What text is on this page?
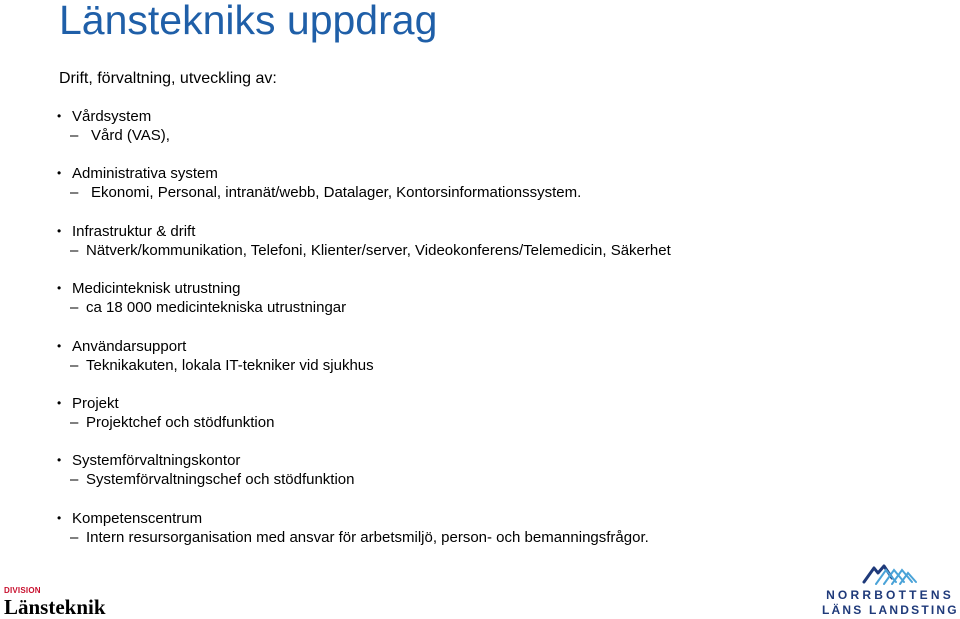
Länstekniks uppdrag
Drift, förvaltning, utveckling av:
• Vårdsystem
– Vård (VAS),
• Administrativa system
– Ekonomi, Personal, intranät/webb, Datalager, Kontorsinformationssystem.
• Infrastruktur & drift
– Nätverk/kommunikation, Telefoni, Klienter/server, Videokonferens/Telemedicin, Säkerhet
• Medicinteknisk utrustning
– ca 18 000 medicintekniska utrustningar
• Användarsupport
– Teknikakuten, lokala IT-tekniker vid sjukhus
• Projekt
– Projektchef och stödfunktion
• Systemförvaltningskontor
– Systemförvaltningschef och stödfunktion
• Kompetenscentrum
– Intern resursorganisation med ansvar för arbetsmiljö, person- och bemanningsfrågor.
DIVISION
Länsteknik	NORRBOTTENS
LÄNS LANDSTING
